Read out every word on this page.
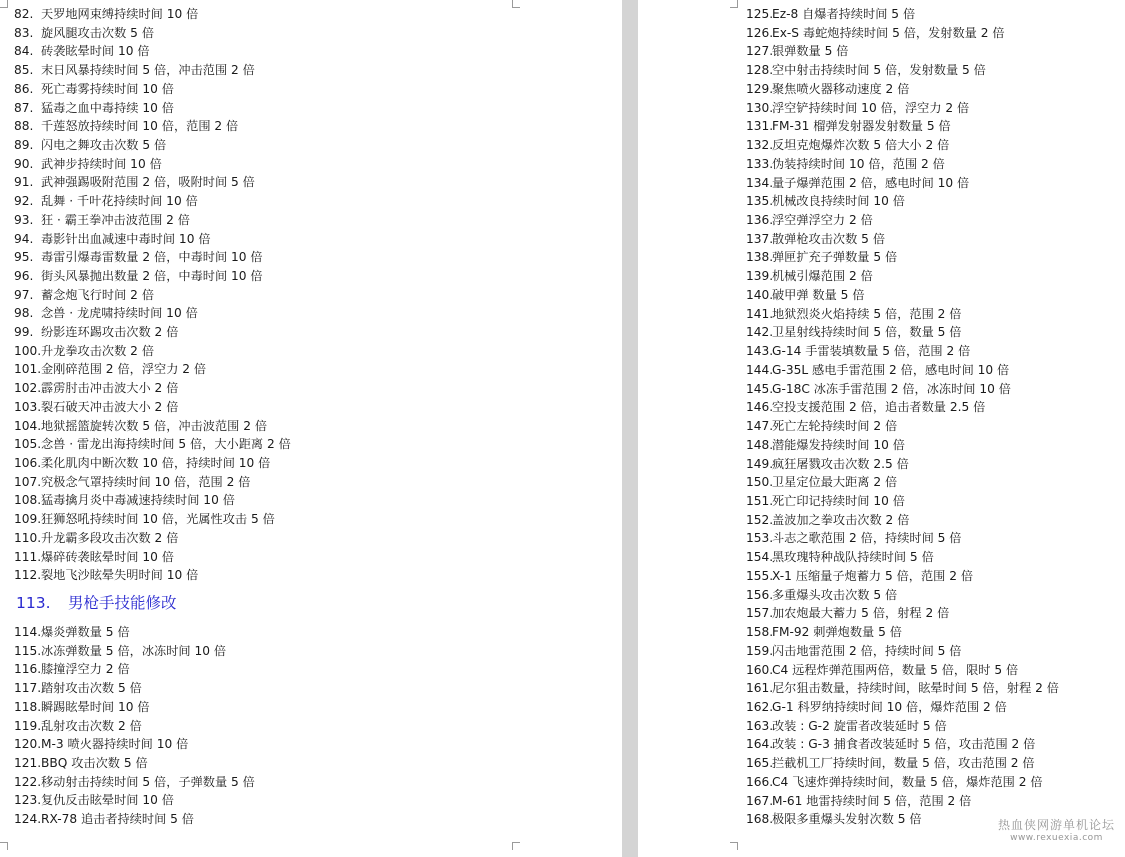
82. 天罗地网束缚持续时间 10 倍
83. 旋风腿攻击次数 5 倍
84. 砖袭眩晕时间 10 倍
85. 末日风暴持续时间 5 倍，冲击范围 2 倍
86. 死亡毒雾持续时间 10 倍
87. 猛毒之血中毒持续 10 倍
88. 千莲怒放持续时间 10 倍，范围 2 倍
89. 闪电之舞攻击次数 5 倍
90. 武神步持续时间 10 倍
91. 武神强踢吸附范围 2 倍，吸附时间 5 倍
92. 乱舞 · 千叶花持续时间 10 倍
93. 狂 · 霸王拳冲击波范围 2 倍
94. 毒影针出血减速中毒时间 10 倍
95. 毒雷引爆毒雷数量 2 倍，中毒时间 10 倍
96. 街头风暴抛出数量 2 倍，中毒时间 10 倍
97. 蓄念炮飞行时间 2 倍
98. 念兽 · 龙虎啸持续时间 10 倍
99. 纷影连环踢攻击次数 2 倍
100.升龙拳攻击次数 2 倍
101.金刚碎范围 2 倍，浮空力 2 倍
102.霹雳肘击冲击波大小 2 倍
103.裂石破天冲击波大小 2 倍
104.地狱摇篮旋转次数 5 倍，冲击波范围 2 倍
105.念兽 · 雷龙出海持续时间 5 倍，大小距离 2 倍
106.柔化肌肉中断次数 10 倍，持续时间 10 倍
107.究极念气罩持续时间 10 倍，范围 2 倍
108.猛毒擒月炎中毒减速持续时间 10 倍
109.狂狮怒吼持续时间 10 倍，光属性攻击 5 倍
110.升龙霸多段攻击次数 2 倍
111.爆碎砖袭眩晕时间 10 倍
112.裂地飞沙眩晕失明时间 10 倍
114.爆炎弹数量 5 倍
115.冰冻弹数量 5 倍，冰冻时间 10 倍
116.膝撞浮空力 2 倍
117.踏射攻击次数 5 倍
118.瞬踢眩晕时间 10 倍
119.乱射攻击次数 2 倍
120.M-3 喷火器持续时间 10 倍
121.BBQ 攻击次数 5 倍
122.移动射击持续时间 5 倍，子弹数量 5 倍
123.复仇反击眩晕时间 10 倍
124.RX-78 追击者持续时间 5 倍
113. 男枪手技能修改
125.Ez-8 自爆者持续时间 5 倍
126.Ex-S 毒蛇炮持续时间 5 倍，发射数量 2 倍
127.银弹数量 5 倍
128.空中射击持续时间 5 倍，发射数量 5 倍
129.聚焦喷火器移动速度 2 倍
130.浮空铲持续时间 10 倍，浮空力 2 倍
131.FM-31 榴弹发射器发射数量 5 倍
132.反坦克炮爆炸次数 5 倍大小 2 倍
133.伪装持续时间 10 倍，范围 2 倍
134.量子爆弹范围 2 倍，感电时间 10 倍
135.机械改良持续时间 10 倍
136.浮空弹浮空力 2 倍
137.散弹枪攻击次数 5 倍
138.弹匣扩充子弹数量 5 倍
139.机械引爆范围 2 倍
140.破甲弹 数量 5 倍
141.地狱烈炎火焰持续 5 倍，范围 2 倍
142.卫星射线持续时间 5 倍，数量 5 倍
143.G-14 手雷装填数量 5 倍，范围 2 倍
144.G-35L 感电手雷范围 2 倍，感电时间 10 倍
145.G-18C 冰冻手雷范围 2 倍，冰冻时间 10 倍
146.空投支援范围 2 倍，追击者数量 2.5 倍
147.死亡左轮持续时间 2 倍
148.潜能爆发持续时间 10 倍
149.疯狂屠戮攻击次数 2.5 倍
150.卫星定位最大距离 2 倍
151.死亡印记持续时间 10 倍
152.盖波加之拳攻击次数 2 倍
153.斗志之歌范围 2 倍，持续时间 5 倍
154.黑玫瑰特种战队持续时间 5 倍
155.X-1 压缩量子炮蓄力 5 倍，范围 2 倍
156.多重爆头攻击次数 5 倍
157.加农炮最大蓄力 5 倍，射程 2 倍
158.FM-92 刺弹炮数量 5 倍
159.闪击地雷范围 2 倍，持续时间 5 倍
160.C4 远程炸弹范围两倍，数量 5 倍，限时 5 倍
161.尼尔狙击数量，持续时间，眩晕时间 5 倍，射程 2 倍
162.G-1 科罗纳持续时间 10 倍，爆炸范围 2 倍
163.改装 : G-2 旋雷者改装延时 5 倍
164.改装 : G-3 捕食者改装延时 5 倍，攻击范围 2 倍
165.拦截机工厂持续时间，数量 5 倍，攻击范围 2 倍
166.C4 飞速炸弹持续时间，数量 5 倍，爆炸范围 2 倍
167.M-61 地雷持续时间 5 倍，范围 2 倍
168.极限多重爆头发射次数 5 倍	热血侠网游单机论坛
www.rexuexia.com
